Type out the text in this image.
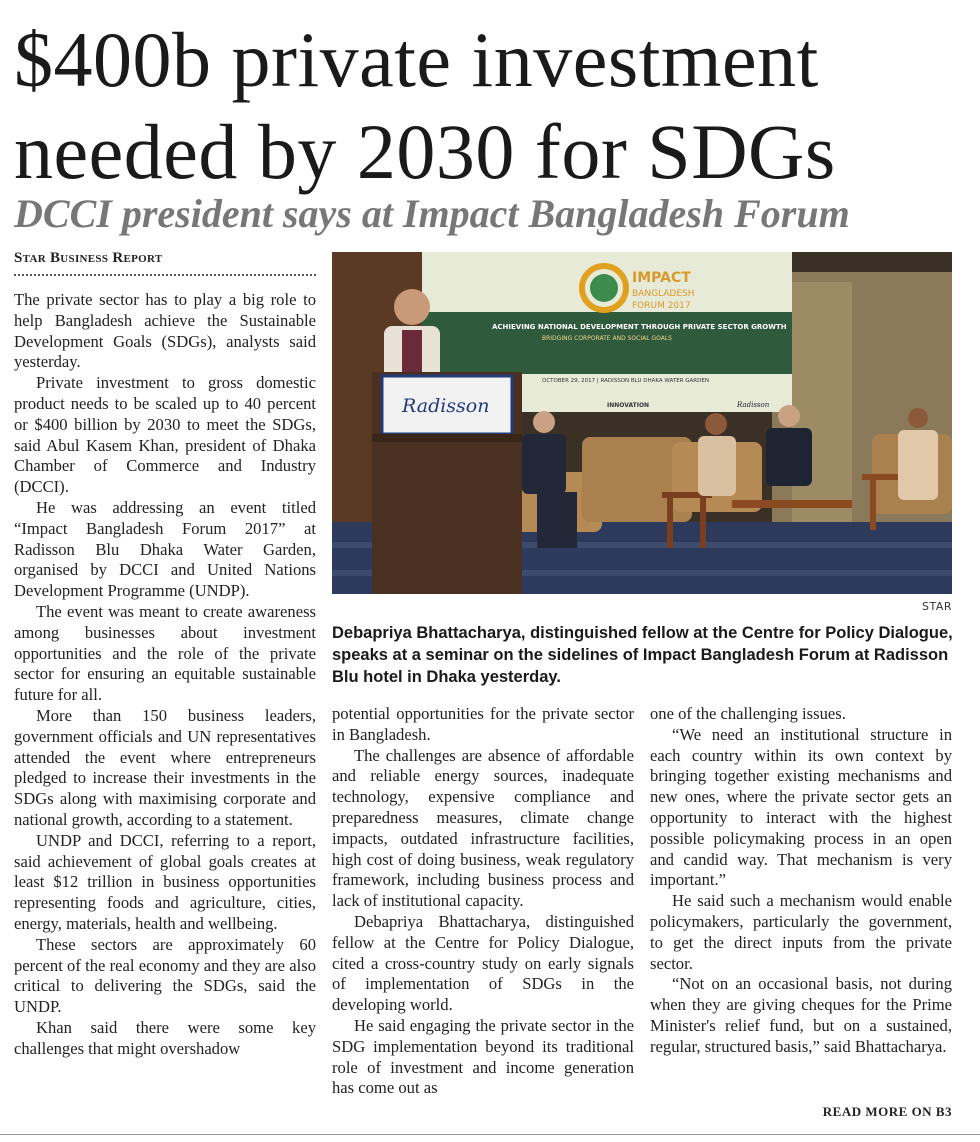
$400b private investment
needed by 2030 for SDGs
DCCI president says at Impact Bangladesh Forum
Star Business Report

The private sector has to play a big role to help Bangladesh achieve the Sustainable Development Goals (SDGs), analysts said yesterday.

Private investment to gross domestic product needs to be scaled up to 40 percent or $400 billion by 2030 to meet the SDGs, said Abul Kasem Khan, president of Dhaka Chamber of Commerce and Industry (DCCI).

He was addressing an event titled “Impact Bangladesh Forum 2017” at Radisson Blu Dhaka Water Garden, organised by DCCI and United Nations Development Programme (UNDP).

The event was meant to create awareness among businesses about investment opportunities and the role of the private sector for ensuring an equitable sustainable future for all.

More than 150 business leaders, government officials and UN representatives attended the event where entrepreneurs pledged to increase their investments in the SDGs along with maximising corporate and national growth, according to a statement.

UNDP and DCCI, referring to a report, said achievement of global goals creates at least $12 trillion in business opportunities representing foods and agriculture, cities, energy, materials, health and wellbeing.

These sectors are approximately 60 percent of the real economy and they are also critical to delivering the SDGs, said the UNDP.

Khan said there were some key challenges that might overshadow

IMPACT
BANGLADESH
FORUM 2017
ACHIEVING NATIONAL DEVELOPMENT THROUGH PRIVATE SECTOR GROWTH
BRIDGING CORPORATE AND SOCIAL GOALS
OCTOBER 29, 2017 | RADISSON BLU DHAKA WATER GARDEN
INNOVATION	Radisson
Radisson
STAR
Debapriya Bhattacharya, distinguished fellow at the Centre for Policy Dialogue, speaks at a seminar on the sidelines of Impact Bangladesh Forum at Radisson Blu hotel in Dhaka yesterday.

potential opportunities for the private sector in Bangladesh.

The challenges are absence of affordable and reliable energy sources, inadequate technology, expensive compliance and preparedness measures, climate change impacts, outdated infrastructure facilities, high cost of doing business, weak regulatory framework, including business process and lack of institutional capacity.

Debapriya Bhattacharya, distinguished fellow at the Centre for Policy Dialogue, cited a cross-country study on early signals of implementation of SDGs in the developing world.

He said engaging the private sector in the SDG implementation beyond its traditional role of investment and income generation has come out as

one of the challenging issues.

“We need an institutional structure in each country within its own context by bringing together existing mechanisms and new ones, where the private sector gets an opportunity to interact with the highest possible policymaking process in an open and candid way. That mechanism is very important.”

He said such a mechanism would enable policymakers, particularly the government, to get the direct inputs from the private sector.

“Not on an occasional basis, not during when they are giving cheques for the Prime Minister's relief fund, but on a sustained, regular, structured basis,” said Bhattacharya.

READ MORE ON B3
